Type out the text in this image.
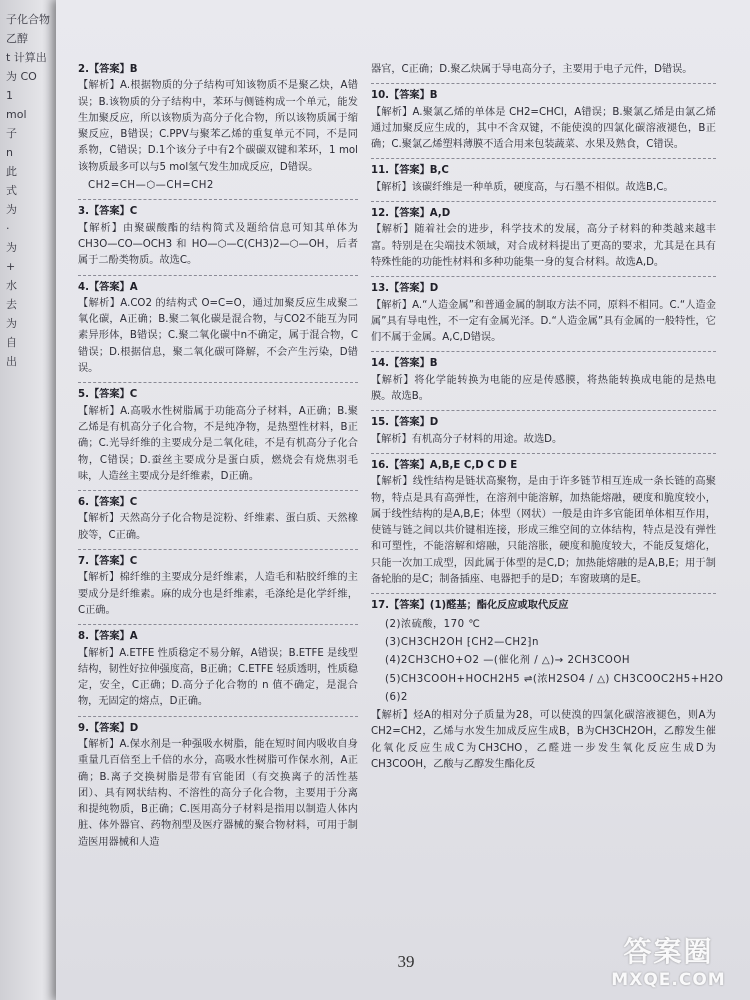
子化合物
乙醇
t 计算出
为 CO
1
mol
子
n
此
式
为
·
为
+
水
去
为
自
出

2.【答案】B

【解析】A.根据物质的分子结构可知该物质不是聚乙炔，A错误；B.该物质的分子结构中，苯环与侧链构成一个单元，能发生加聚反应，所以该物质为高分子化合物，所以该物质属于缩聚反应，B错误；C.PPV与聚苯乙烯的重复单元不同，不是同系物，C错误；D.1个该分子中有2个碳碳双键和苯环，1 mol该物质最多可以与5 mol氢气发生加成反应，D错误。

CH2=CH—⬡—CH=CH2

3.【答案】C

【解析】由聚碳酸酯的结构简式及题给信息可知其单体为 CH3O—CO—OCH3 和 HO—⬡—C(CH3)2—⬡—OH，后者属于二酚类物质。故选C。

4.【答案】A

【解析】A.CO2 的结构式 O=C=O，通过加聚反应生成聚二氧化碳，A正确；B.聚二氧化碳是混合物，与CO2不能互为同素异形体，B错误；C.聚二氧化碳中n不确定，属于混合物，C错误；D.根据信息，聚二氧化碳可降解，不会产生污染，D错误。

5.【答案】C

【解析】A.高吸水性树脂属于功能高分子材料，A正确；B.聚乙烯是有机高分子化合物，不是纯净物，是热塑性材料，B正确；C.光导纤维的主要成分是二氧化硅，不是有机高分子化合物，C错误；D.蚕丝主要成分是蛋白质，燃烧会有烧焦羽毛味，人造丝主要成分是纤维素，D正确。

6.【答案】C

【解析】天然高分子化合物是淀粉、纤维素、蛋白质、天然橡胶等，C正确。

7.【答案】C

【解析】棉纤维的主要成分是纤维素，人造毛和粘胶纤维的主要成分是纤维素。麻的成分也是纤维素，毛涤纶是化学纤维，C正确。

8.【答案】A

【解析】A.ETFE 性质稳定不易分解，A错误；B.ETFE 是线型结构，韧性好拉伸强度高，B正确；C.ETFE 轻质透明，性质稳定，安全，C正确；D.高分子化合物的 n 值不确定，是混合物，无固定的熔点，D正确。

9.【答案】D

【解析】A.保水剂是一种强吸水树脂，能在短时间内吸收自身重量几百倍至上千倍的水分，高吸水性树脂可作保水剂，A正确；B.离子交换树脂是带有官能团（有交换离子的活性基团）、具有网状结构、不溶性的高分子化合物，主要用于分离和提纯物质，B正确；C.医用高分子材料是指用以制造人体内脏、体外器官、药物剂型及医疗器械的聚合物材料，可用于制造医用器械和人造

器官，C正确；D.聚乙炔属于导电高分子，主要用于电子元件，D错误。

10.【答案】B

【解析】A.聚氯乙烯的单体是 CH2=CHCl，A错误；B.聚氯乙烯是由氯乙烯通过加聚反应生成的，其中不含双键，不能使溴的四氯化碳溶液褪色，B正确；C.聚氯乙烯塑料薄膜不适合用来包装蔬菜、水果及熟食，C错误。

11.【答案】B,C

【解析】该碳纤维是一种单质，硬度高，与石墨不相似。故选B,C。

12.【答案】A,D

【解析】随着社会的进步，科学技术的发展，高分子材料的种类越来越丰富。特别是在尖端技术领域，对合成材料提出了更高的要求，尤其是在具有特殊性能的功能性材料和多种功能集一身的复合材料。故选A,D。

13.【答案】D

【解析】A.“人造金属”和普通金属的制取方法不同，原料不相同。C.“人造金属”具有导电性，不一定有金属光泽。D.“人造金属”具有金属的一般特性，它们不属于金属。A,C,D错误。

14.【答案】B

【解析】将化学能转换为电能的应是传感膜，将热能转换成电能的是热电膜。故选B。

15.【答案】D

【解析】有机高分子材料的用途。故选D。

16.【答案】A,B,E C,D C D E

【解析】线性结构是链状高聚物，是由于许多链节相互连成一条长链的高聚物，特点是具有高弹性，在溶剂中能溶解，加热能熔融，硬度和脆度较小，属于线性结构的是A,B,E；体型（网状）一般是由许多官能团单体相互作用，使链与链之间以共价键相连接，形成三维空间的立体结构，特点是没有弹性和可塑性，不能溶解和熔融，只能溶胀，硬度和脆度较大，不能反复熔化，只能一次加工成型，因此属于体型的是C,D；加热能熔融的是A,B,E；用于制备轮胎的是C；制备插座、电器把手的是D；车窗玻璃的是E。

17.【答案】(1)醛基；酯化反应或取代反应

(2)浓硫酸，170 ℃
(3)CH3CH2OH ⁅CH2—CH2⁆n
(4)2CH3CHO+O2 —(催化剂 / △)→ 2CH3COOH
(5)CH3COOH+HOCH2H5 ⇌(浓H2SO4 / △) CH3COOC2H5+H2O
(6)2

【解析】烃A的相对分子质量为28，可以使溴的四氯化碳溶液褪色，则A为CH2=CH2，乙烯与水发生加成反应生成B，B为CH3CH2OH，乙醇发生催化氧化反应生成C为CH3CHO，乙醛进一步发生氧化反应生成D为CH3COOH，乙酸与乙醇发生酯化反

39	答案圈
MXQE.COM
